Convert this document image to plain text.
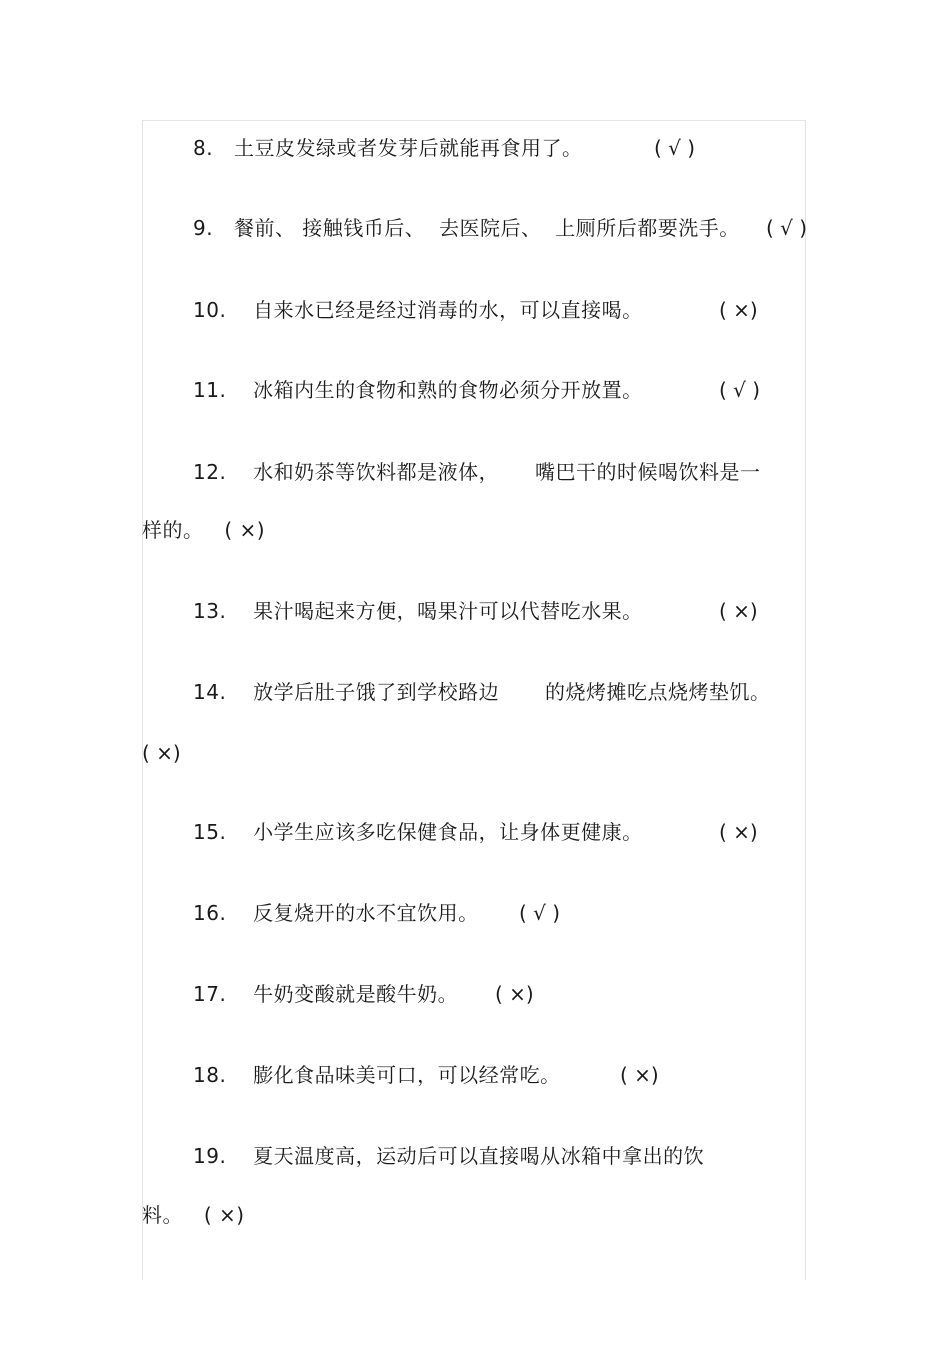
8. 土豆皮发绿或者发芽后就能再食用了。	( √ )
9. 餐前、 接触钱币后、  去医院后、  上厕所后都要洗手。 ( √ )
10. 自来水已经是经过消毒的水，可以直接喝。	( ×)
11. 冰箱内生的食物和熟的食物必须分开放置。	( √ )
12. 水和奶茶等饮料都是液体， 嘴巴干的时候喝饮料是一
样的。 ( ×)
13. 果汁喝起来方便，喝果汁可以代替吃水果。	( ×)
14. 放学后肚子饿了到学校路边 的烧烤摊吃点烧烤垫饥。
( ×)
15. 小学生应该多吃保健食品，让身体更健康。	( ×)
16. 反复烧开的水不宜饮用。 ( √ )
17. 牛奶变酸就是酸牛奶。 ( ×)
18. 膨化食品味美可口，可以经常吃。	( ×)
19. 夏天温度高，运动后可以直接喝从冰箱中拿出的饮
料。 ( ×)
